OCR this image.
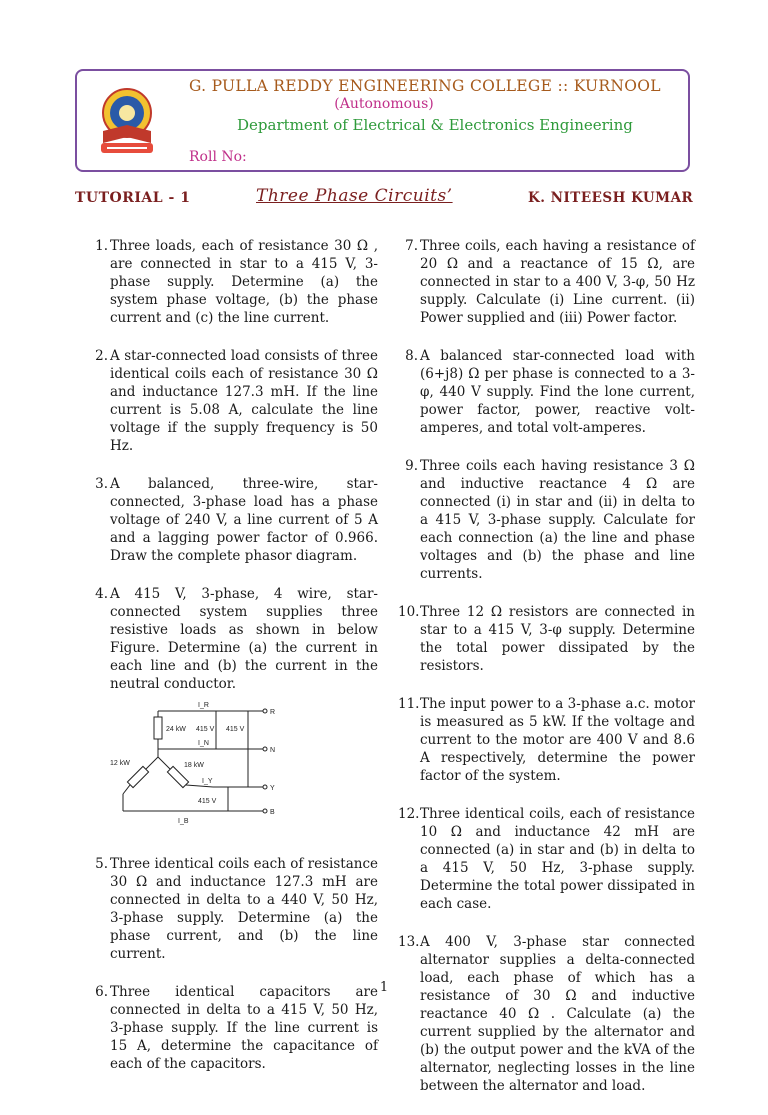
G. PULLA REDDY ENGINEERING COLLEGE :: KURNOOL
(Autonomous)
Department of Electrical & Electronics Engineering
Roll No:
TUTORIAL - 1	Three Phase Circuits’	K. NITEESH KUMAR
1. Three loads, each of resistance 30 Ω , are connected in star to a 415 V, 3-phase supply. Determine (a) the system phase voltage, (b) the phase current and (c) the line current.
2. A star-connected load consists of three identical coils each of resistance 30 Ω and inductance 127.3 mH. If the line current is 5.08 A, calculate the line voltage if the supply frequency is 50 Hz.
3. A balanced, three-wire, star-connected, 3-phase load has a phase voltage of 240 V, a line current of 5 A and a lagging power factor of 0.966. Draw the complete phasor diagram.
4. A 415 V, 3-phase, 4 wire, star-connected system supplies three resistive loads as shown in below Figure. Determine (a) the current in each line and (b) the current in the neutral conductor.
I_R
I_N
I_Y
I_B
R
N
Y
B
24 kW
12 kW	18 kW
415 V 415 V
415 V
5. Three identical coils each of resistance 30 Ω and inductance 127.3 mH are connected in delta to a 440 V, 50 Hz, 3-phase supply. Determine (a) the phase current, and (b) the line current.
6. Three identical capacitors are connected in delta to a 415 V, 50 Hz, 3-phase supply. If the line current is 15 A, determine the capacitance of each of the capacitors.
7. Three coils, each having a resistance of 20 Ω and a reactance of 15 Ω, are connected in star to a 400 V, 3-φ, 50 Hz supply. Calculate (i) Line current. (ii) Power supplied and (iii) Power factor.
8. A balanced star-connected load with (6+j8) Ω per phase is connected to a 3-φ, 440 V supply. Find the lone current, power factor, power, reactive volt-amperes, and total volt-amperes.
9. Three coils each having resistance 3 Ω and inductive reactance 4 Ω are connected (i) in star and (ii) in delta to a 415 V, 3-phase supply. Calculate for each connection (a) the line and phase voltages and (b) the phase and line currents.
10. Three 12 Ω resistors are connected in star to a 415 V, 3-φ supply. Determine the total power dissipated by the resistors.
11. The input power to a 3-phase a.c. motor is measured as 5 kW. If the voltage and current to the motor are 400 V and 8.6 A respectively, determine the power factor of the system.
12. Three identical coils, each of resistance 10 Ω and inductance 42 mH are connected (a) in star and (b) in delta to a 415 V, 50 Hz, 3-phase supply. Determine the total power dissipated in each case.
13. A 400 V, 3-phase star connected alternator supplies a delta-connected load, each phase of which has a resistance of 30 Ω and inductive reactance 40 Ω . Calculate (a) the current supplied by the alternator and (b) the output power and the kVA of the alternator, neglecting losses in the line between the alternator and load.
1
